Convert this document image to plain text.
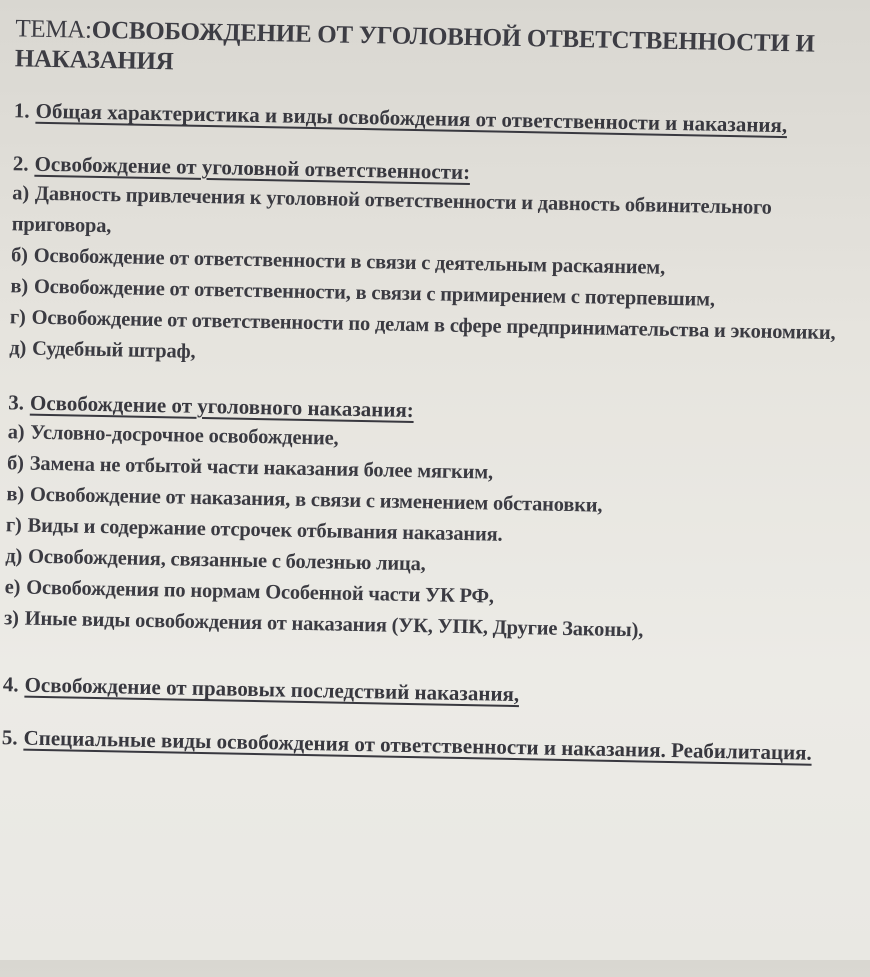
ТЕМА:ОСВОБОЖДЕНИЕ ОТ УГОЛОВНОЙ ОТВЕТСТВЕННОСТИ И НАКАЗАНИЯ
1. Общая характеристика и виды освобождения от ответственности и наказания,
2. Освобождение от уголовной ответственности:
а) Давность привлечения к уголовной ответственности и давность обвинительного приговора,
б) Освобождение от ответственности в связи с деятельным раскаянием,
в) Освобождение от ответственности, в связи с примирением с потерпевшим,
г) Освобождение от ответственности по делам в сфере предпринимательства и экономики,
д) Судебный штраф,
3. Освобождение от уголовного наказания:
а) Условно-досрочное освобождение,
б) Замена не отбытой части наказания более мягким,
в) Освобождение от наказания, в связи с изменением обстановки,
г) Виды и содержание отсрочек отбывания наказания.
д) Освобождения, связанные с болезнью лица,
е) Освобождения по нормам Особенной части УК РФ,
з) Иные виды освобождения от наказания (УК, УПК, Другие Законы),
4. Освобождение от правовых последствий наказания,
5. Специальные виды освобождения от ответственности и наказания. Реабилитация.
